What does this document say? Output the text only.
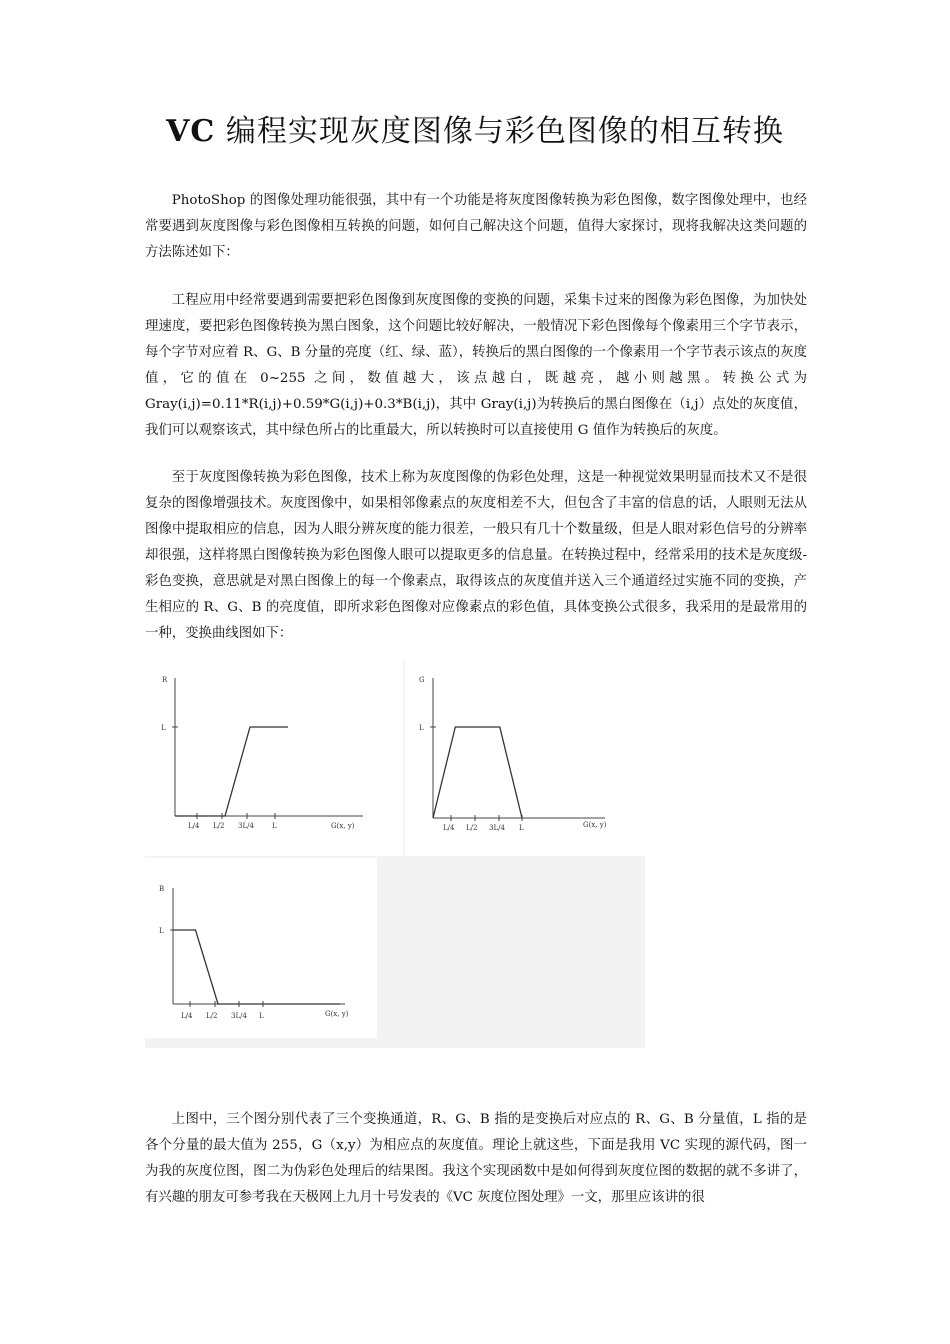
VC 编程实现灰度图像与彩色图像的相互转换

PhotoShop 的图像处理功能很强，其中有一个功能是将灰度图像转换为彩色图像，数字图像处理中，也经常要遇到灰度图像与彩色图像相互转换的问题，如何自己解决这个问题，值得大家探讨，现将我解决这类问题的方法陈述如下：

工程应用中经常要遇到需要把彩色图像到灰度图像的变换的问题，采集卡过来的图像为彩色图像，为加快处理速度，要把彩色图像转换为黑白图象，这个问题比较好解决，一般情况下彩色图像每个像素用三个字节表示，每个字节对应着 R、G、B 分量的亮度（红、绿、蓝），转换后的黑白图像的一个像素用一个字节表示该点的灰度值，它的值在 0~255 之间，数值越大，该点越白，既越亮，越小则越黑。转换公式为 Gray(i,j)=0.11*R(i,j)+0.59*G(i,j)+0.3*B(i,j)，其中 Gray(i,j)为转换后的黑白图像在（i,j）点处的灰度值，我们可以观察该式，其中绿色所占的比重最大，所以转换时可以直接使用 G 值作为转换后的灰度。

至于灰度图像转换为彩色图像，技术上称为灰度图像的伪彩色处理，这是一种视觉效果明显而技术又不是很复杂的图像增强技术。灰度图像中，如果相邻像素点的灰度相差不大，但包含了丰富的信息的话，人眼则无法从图像中提取相应的信息，因为人眼分辨灰度的能力很差，一般只有几十个数量级，但是人眼对彩色信号的分辨率却很强，这样将黑白图像转换为彩色图像人眼可以提取更多的信息量。在转换过程中，经常采用的技术是灰度级-彩色变换，意思就是对黑白图像上的每一个像素点，取得该点的灰度值并送入三个通道经过实施不同的变换，产生相应的 R、G、B 的亮度值，即所求彩色图像对应像素点的彩色值，具体变换公式很多，我采用的是最常用的一种，变换曲线图如下：

R
L
G(x, y)
L/4 L/2 3L/4	L
G
L
G(x, y)
L/4 L/2 3L/4 L
B
L
G(x, y)
L/4 L/2 3L/4 L

上图中，三个图分别代表了三个变换通道，R、G、B 指的是变换后对应点的 R、G、B 分量值，L 指的是各个分量的最大值为 255，G（x,y）为相应点的灰度值。理论上就这些，下面是我用 VC 实现的源代码，图一为我的灰度位图，图二为伪彩色处理后的结果图。我这个实现函数中是如何得到灰度位图的数据的就不多讲了，有兴趣的朋友可参考我在天极网上九月十号发表的《VC 灰度位图处理》一文，那里应该讲的很
